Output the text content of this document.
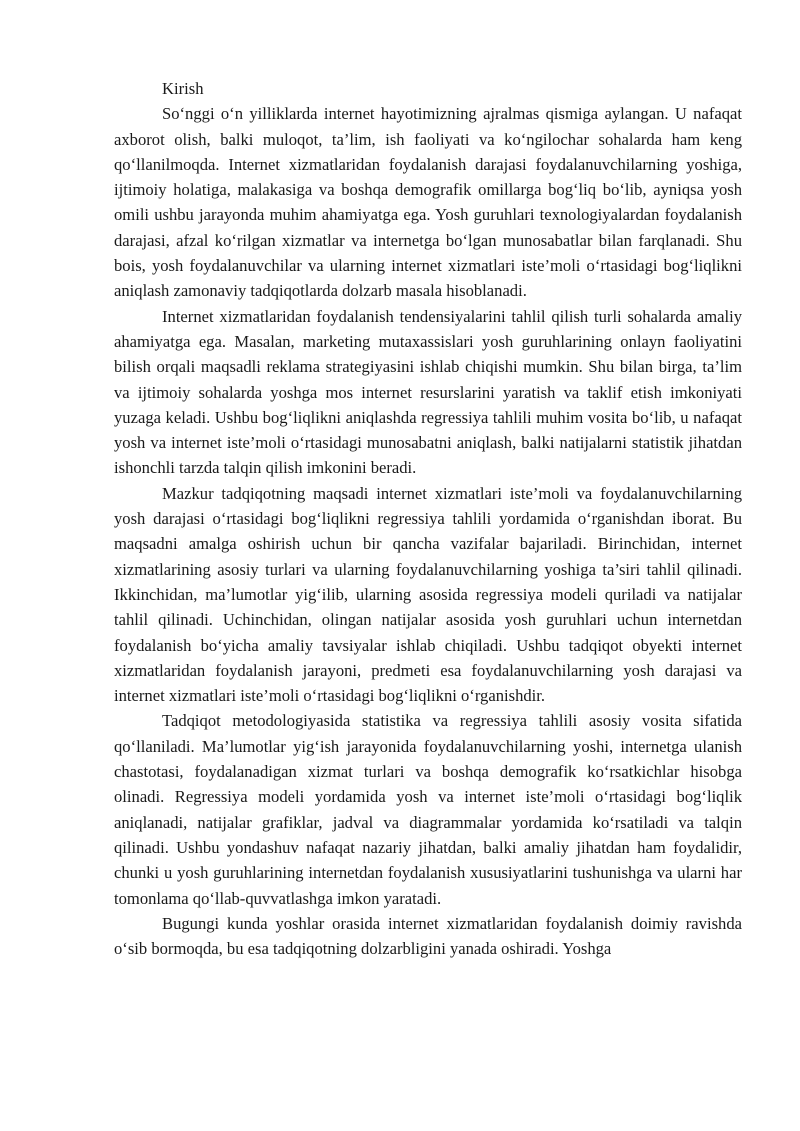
Kirish

So‘nggi o‘n yilliklarda internet hayotimizning ajralmas qismiga aylangan. U nafaqat axborot olish, balki muloqot, ta’lim, ish faoliyati va ko‘ngilochar sohalarda ham keng qo‘llanilmoqda. Internet xizmatlaridan foydalanish darajasi foydalanuvchilarning yoshiga, ijtimoiy holatiga, malakasiga va boshqa demografik omillarga bog‘liq bo‘lib, ayniqsa yosh omili ushbu jarayonda muhim ahamiyatga ega. Yosh guruhlari texnologiyalardan foydalanish darajasi, afzal ko‘rilgan xizmatlar va internetga bo‘lgan munosabatlar bilan farqlanadi. Shu bois, yosh foydalanuvchilar va ularning internet xizmatlari iste’moli o‘rtasidagi bog‘liqlikni aniqlash zamonaviy tadqiqotlarda dolzarb masala hisoblanadi.

Internet xizmatlaridan foydalanish tendensiyalarini tahlil qilish turli sohalarda amaliy ahamiyatga ega. Masalan, marketing mutaxassislari yosh guruhlarining onlayn faoliyatini bilish orqali maqsadli reklama strategiyasini ishlab chiqishi mumkin. Shu bilan birga, ta’lim va ijtimoiy sohalarda yoshga mos internet resurslarini yaratish va taklif etish imkoniyati yuzaga keladi. Ushbu bog‘liqlikni aniqlashda regressiya tahlili muhim vosita bo‘lib, u nafaqat yosh va internet iste’moli o‘rtasidagi munosabatni aniqlash, balki natijalarni statistik jihatdan ishonchli tarzda talqin qilish imkonini beradi.

Mazkur tadqiqotning maqsadi internet xizmatlari iste’moli va foydalanuvchilarning yosh darajasi o‘rtasidagi bog‘liqlikni regressiya tahlili yordamida o‘rganishdan iborat. Bu maqsadni amalga oshirish uchun bir qancha vazifalar bajariladi. Birinchidan, internet xizmatlarining asosiy turlari va ularning foydalanuvchilarning yoshiga ta’siri tahlil qilinadi. Ikkinchidan, ma’lumotlar yig‘ilib, ularning asosida regressiya modeli quriladi va natijalar tahlil qilinadi. Uchinchidan, olingan natijalar asosida yosh guruhlari uchun internetdan foydalanish bo‘yicha amaliy tavsiyalar ishlab chiqiladi. Ushbu tadqiqot obyekti internet xizmatlaridan foydalanish jarayoni, predmeti esa foydalanuvchilarning yosh darajasi va internet xizmatlari iste’moli o‘rtasidagi bog‘liqlikni o‘rganishdir.

Tadqiqot metodologiyasida statistika va regressiya tahlili asosiy vosita sifatida qo‘llaniladi. Ma’lumotlar yig‘ish jarayonida foydalanuvchilarning yoshi, internetga ulanish chastotasi, foydalanadigan xizmat turlari va boshqa demografik ko‘rsatkichlar hisobga olinadi. Regressiya modeli yordamida yosh va internet iste’moli o‘rtasidagi bog‘liqlik aniqlanadi, natijalar grafiklar, jadval va diagrammalar yordamida ko‘rsatiladi va talqin qilinadi. Ushbu yondashuv nafaqat nazariy jihatdan, balki amaliy jihatdan ham foydalidir, chunki u yosh guruhlarining internetdan foydalanish xususiyatlarini tushunishga va ularni har tomonlama qo‘llab-quvvatlashga imkon yaratadi.

Bugungi kunda yoshlar orasida internet xizmatlaridan foydalanish doimiy ravishda o‘sib bormoqda, bu esa tadqiqotning dolzarbligini yanada oshiradi. Yoshga
